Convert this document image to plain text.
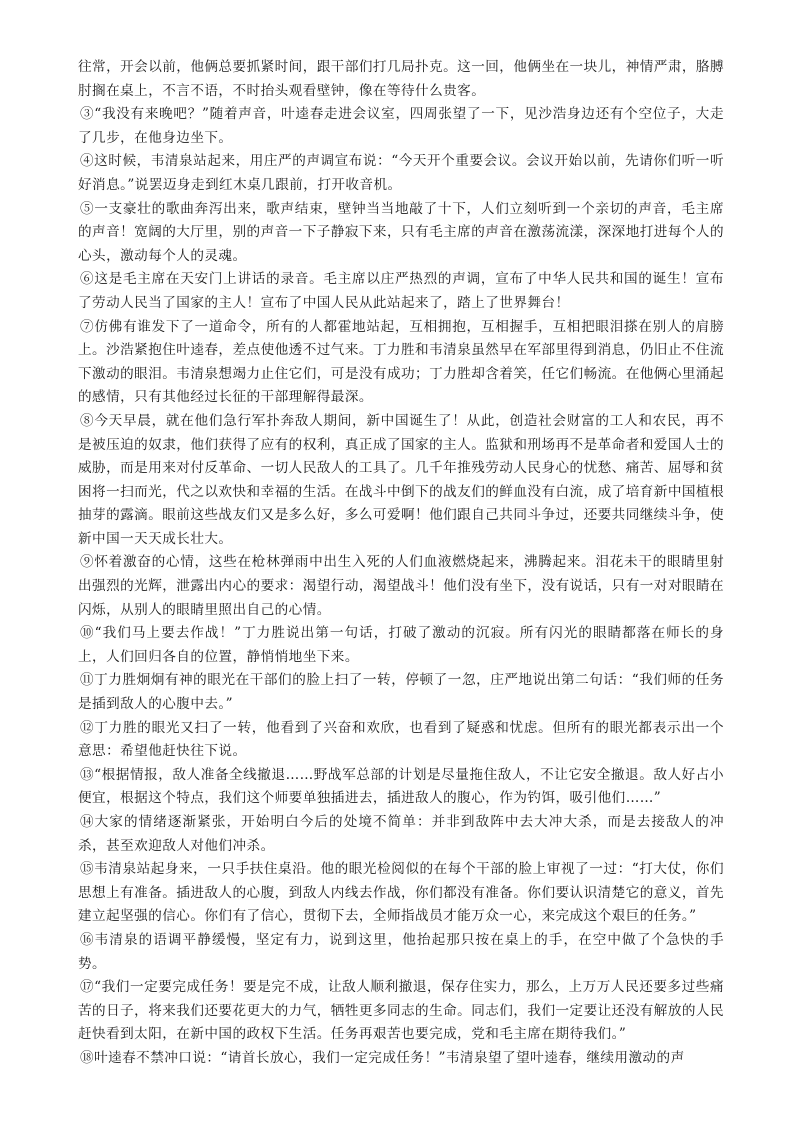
往常，开会以前，他俩总要抓紧时间，跟干部们打几局扑克。这一回，他俩坐在一块儿，神情严肃，胳膊肘搁在桌上，不言不语，不时抬头观看壁钟，像在等待什么贵客。

③“我没有来晚吧？”随着声音，叶逵春走进会议室，四周张望了一下，见沙浩身边还有个空位子，大走了几步，在他身边坐下。

④这时候，韦清泉站起来，用庄严的声调宣布说：“今天开个重要会议。会议开始以前，先请你们听一听好消息。”说罢迈身走到红木桌几跟前，打开收音机。

⑤一支豪壮的歌曲奔泻出来，歌声结束，壁钟当当地敲了十下，人们立刻听到一个亲切的声音，毛主席的声音！宽阔的大厅里，别的声音一下子静寂下来，只有毛主席的声音在激荡流漾，深深地打进每个人的心头，激动每个人的灵魂。

⑥这是毛主席在天安门上讲话的录音。毛主席以庄严热烈的声调，宣布了中华人民共和国的诞生！宣布了劳动人民当了国家的主人！宣布了中国人民从此站起来了，踏上了世界舞台！

⑦仿佛有谁发下了一道命令，所有的人都霍地站起，互相拥抱，互相握手，互相把眼泪搽在别人的肩膀上。沙浩紧抱住叶逵春，差点使他透不过气来。丁力胜和韦清泉虽然早在军部里得到消息，仍旧止不住流下激动的眼泪。韦清泉想竭力止住它们，可是没有成功；丁力胜却含着笑，任它们畅流。在他俩心里涌起的感情，只有其他经过长征的干部理解得最深。

⑧今天早晨，就在他们急行军扑奔敌人期间，新中国诞生了！从此，创造社会财富的工人和农民，再不是被压迫的奴隶，他们获得了应有的权利，真正成了国家的主人。监狱和刑场再不是革命者和爱国人士的威胁，而是用来对付反革命、一切人民敌人的工具了。几千年推残劳动人民身心的忧愁、痛苦、屈辱和贫困将一扫而光，代之以欢快和幸福的生活。在战斗中倒下的战友们的鲜血没有白流，成了培育新中国植根抽芽的露滴。眼前这些战友们又是多么好，多么可爱啊！他们跟自己共同斗争过，还要共同继续斗争，使新中国一天天成长壮大。

⑨怀着激奋的心情，这些在枪林弹雨中出生入死的人们血液燃烧起来，沸腾起来。泪花未干的眼睛里射出强烈的光辉，泄露出内心的要求：渴望行动，渴望战斗！他们没有坐下，没有说话，只有一对对眼睛在闪烁，从别人的眼睛里照出自己的心情。

⑩“我们马上要去作战！”丁力胜说出第一句话，打破了激动的沉寂。所有闪光的眼睛都落在师长的身上，人们回归各自的位置，静悄悄地坐下来。

⑪丁力胜炯炯有神的眼光在干部们的脸上扫了一转，停顿了一忽，庄严地说出第二句话：“我们师的任务是插到敌人的心腹中去。”

⑫丁力胜的眼光又扫了一转，他看到了兴奋和欢欣，也看到了疑惑和忧虑。但所有的眼光都表示出一个意思：希望他赶快往下说。

⑬“根据情报，敌人准备全线撤退……野战军总部的计划是尽量拖住敌人，不让它安全撤退。敌人好占小便宜，根据这个特点，我们这个师要单独插进去，插进敌人的腹心，作为钓饵，吸引他们……”

⑭大家的情绪逐渐紧张，开始明白今后的处境不简单：并非到敌阵中去大冲大杀，而是去接敌人的冲杀，甚至欢迎敌人对他们冲杀。

⑮韦清泉站起身来，一只手扶住桌沿。他的眼光检阅似的在每个干部的脸上审视了一过：“打大仗，你们思想上有准备。插进敌人的心腹，到敌人内线去作战，你们都没有准备。你们要认识清楚它的意义，首先建立起坚强的信心。你们有了信心，贯彻下去，全师指战员才能万众一心，来完成这个艰巨的任务。”

⑯韦清泉的语调平静缓慢，坚定有力，说到这里，他抬起那只按在桌上的手，在空中做了个急快的手势。

⑰“我们一定要完成任务！要是完不成，让敌人顺利撤退，保存住实力，那么，上万万人民还要多过些痛苦的日子，将来我们还要花更大的力气，牺牲更多同志的生命。同志们，我们一定要让还没有解放的人民赶快看到太阳，在新中国的政权下生活。任务再艰苦也要完成，党和毛主席在期待我们。”

⑱叶逵春不禁冲口说：“请首长放心，我们一定完成任务！”韦清泉望了望叶逵春，继续用激动的声
